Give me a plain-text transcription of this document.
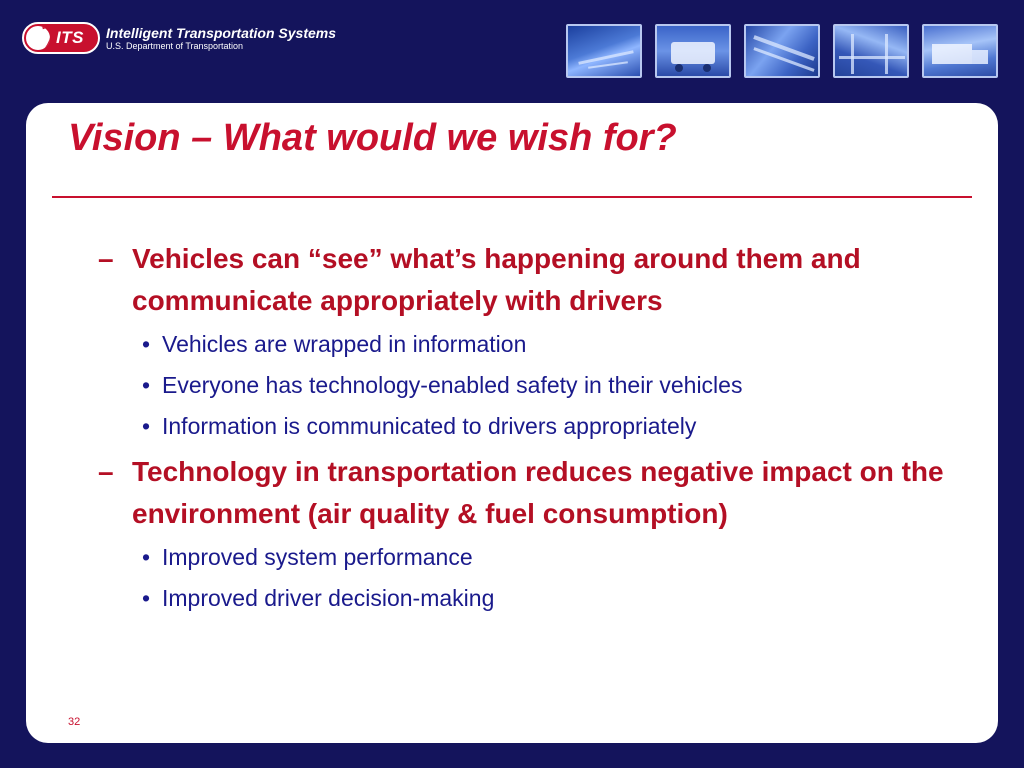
ITS Intelligent Transportation Systems
U.S. Department of Transportation
Vision – What would we wish for?
– Vehicles can “see” what’s happening around them and communicate appropriately with drivers
• Vehicles are wrapped in information
• Everyone has technology-enabled safety in their vehicles
• Information is communicated to drivers appropriately
– Technology in transportation reduces negative impact on the environment (air quality & fuel consumption)
• Improved system performance
• Improved driver decision-making
32
